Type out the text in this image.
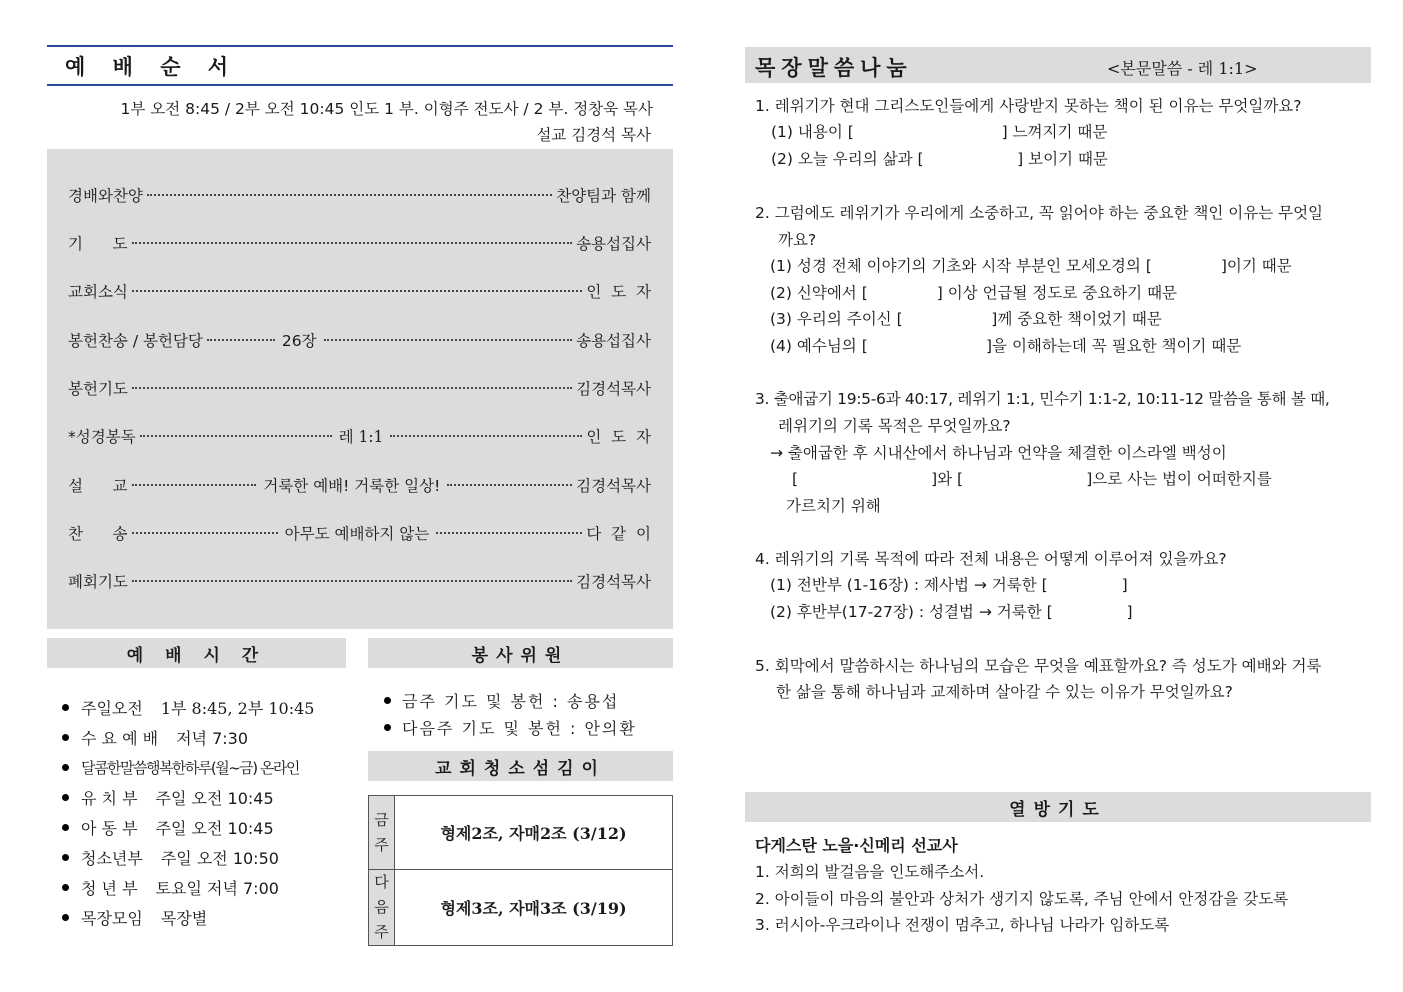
예 배 순 서
1부 오전 8:45 / 2부 오전 10:45 인도 1 부. 이형주 전도사 / 2 부. 정창욱 목사
설교 김경석 목사
경배와찬양	찬양팀과 함께
기      도	송용섭집사
교회소식	인  도  자
봉헌찬송 / 봉헌담당	26장	송용섭집사
봉헌기도	김경석목사
*성경봉독	레 1:1	인  도  자
설      교	거룩한 예배! 거룩한 일상!	김경석목사
찬      송	아무도 예배하지 않는	다  같  이
폐회기도	김경석목사
예 배 시 간
주일오전 1부 8:45, 2부 10:45
수 요 예 배 저녁 7:30
달콤한말씀행복한하루(월~금) 온라인
유 치 부 주일 오전 10:45
아 동 부 주일 오전 10:45
청소년부 주일 오전 10:50
청 년 부 토요일 저녁 7:00
목장모임 목장별
봉사위원
금주 기도 및 봉헌 : 송용섭
다음주 기도 및 봉헌 : 안의환
교회청소섬김이
금
주	형제2조, 자매2조 (3/12)
다
음
주	형제3조, 자매3조 (3/19)
목장말씀나눔	<본문말씀 - 레 1:1>
1. 레위기가 현대 그리스도인들에게 사랑받지 못하는 책이 된 이유는 무엇일까요?
(1) 내용이 [                              ] 느껴지기 때문
(2) 오늘 우리의 삶과 [                   ] 보이기 때문
2. 그럼에도 레위기가 우리에게 소중하고, 꼭 읽어야 하는 중요한 책인 이유는 무엇일
까요?
(1) 성경 전체 이야기의 기초와 시작 부분인 모세오경의 [              ]이기 때문
(2) 신약에서 [              ] 이상 언급될 정도로 중요하기 때문
(3) 우리의 주이신 [                  ]께 중요한 책이었기 때문
(4) 예수님의 [                        ]을 이해하는데 꼭 필요한 책이기 때문
3. 출애굽기 19:5-6과 40:17, 레위기 1:1, 민수기 1:1-2, 10:11-12 말씀을 통해 볼 때,
레위기의 기록 목적은 무엇일까요?
→ 출애굽한 후 시내산에서 하나님과 언약을 체결한 이스라엘 백성이
[                           ]와 [                         ]으로 사는 법이 어떠한지를
가르치기 위해
4. 레위기의 기록 목적에 따라 전체 내용은 어떻게 이루어져 있을까요?
(1) 전반부 (1-16장) : 제사법 → 거룩한 [               ]
(2) 후반부(17-27장) : 성결법 → 거룩한 [               ]
5. 회막에서 말씀하시는 하나님의 모습은 무엇을 예표할까요? 즉 성도가 예배와 거룩
한 삶을 통해 하나님과 교제하며 살아갈 수 있는 이유가 무엇일까요?
열방기도
다게스탄 노을·신메리 선교사
1. 저희의 발걸음을 인도해주소서.
2. 아이들이 마음의 불안과 상처가 생기지 않도록, 주님 안에서 안정감을 갖도록
3. 러시아-우크라이나 전쟁이 멈추고, 하나님 나라가 임하도록
